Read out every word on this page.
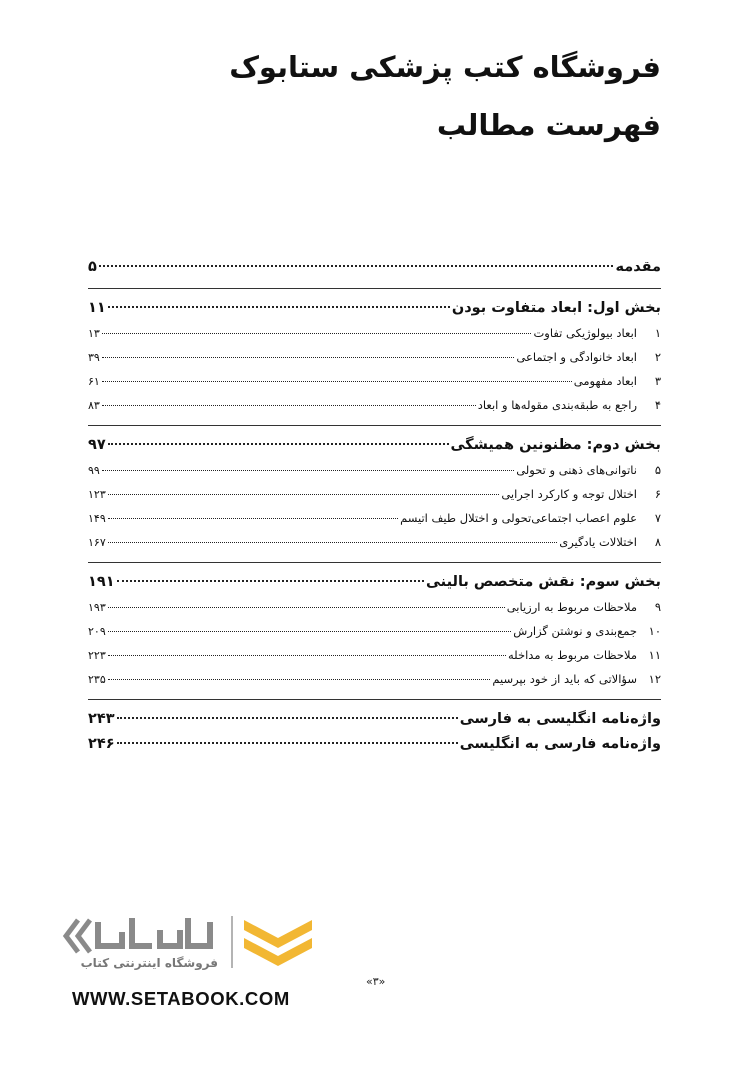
فروشگاه کتب پزشکی ستابوک
فهرست مطالب
مقدمه
۵
بخش اول: ابعاد متفاوت بودن
۱۱
۱
ابعاد بیولوژیکی تفاوت
۱۳
۲
ابعاد خانوادگی و اجتماعی
۳۹
۳
ابعاد مفهومی
۶۱
۴
راجع به طبقه‌بندی مقوله‌ها و ابعاد
۸۳
بخش دوم: مظنونین همیشگی
۹۷
۵
ناتوانی‌های ذهنی و تحولی
۹۹
۶
اختلال توجه و کارکرد اجرایی
۱۲۳
۷
علوم اعصاب اجتماعی‌تحولی و اختلال طیف اتیسم
۱۴۹
۸
اختلالات یادگیری
۱۶۷
بخش سوم: نقش متخصص بالینی
۱۹۱
۹
ملاحظات مربوط به ارزیابی
۱۹۳
۱۰
جمع‌بندی و نوشتن گزارش
۲۰۹
۱۱
ملاحظات مربوط به مداخله
۲۲۳
۱۲
سؤالاتی که باید از خود بپرسیم
۲۳۵
واژه‌نامه انگلیسی به فارسی
۲۴۳
واژه‌نامه فارسی به انگلیسی
۲۴۶
فروشگاه اینترنتی کتاب
WWW.SETABOOK.COM
«۳»
